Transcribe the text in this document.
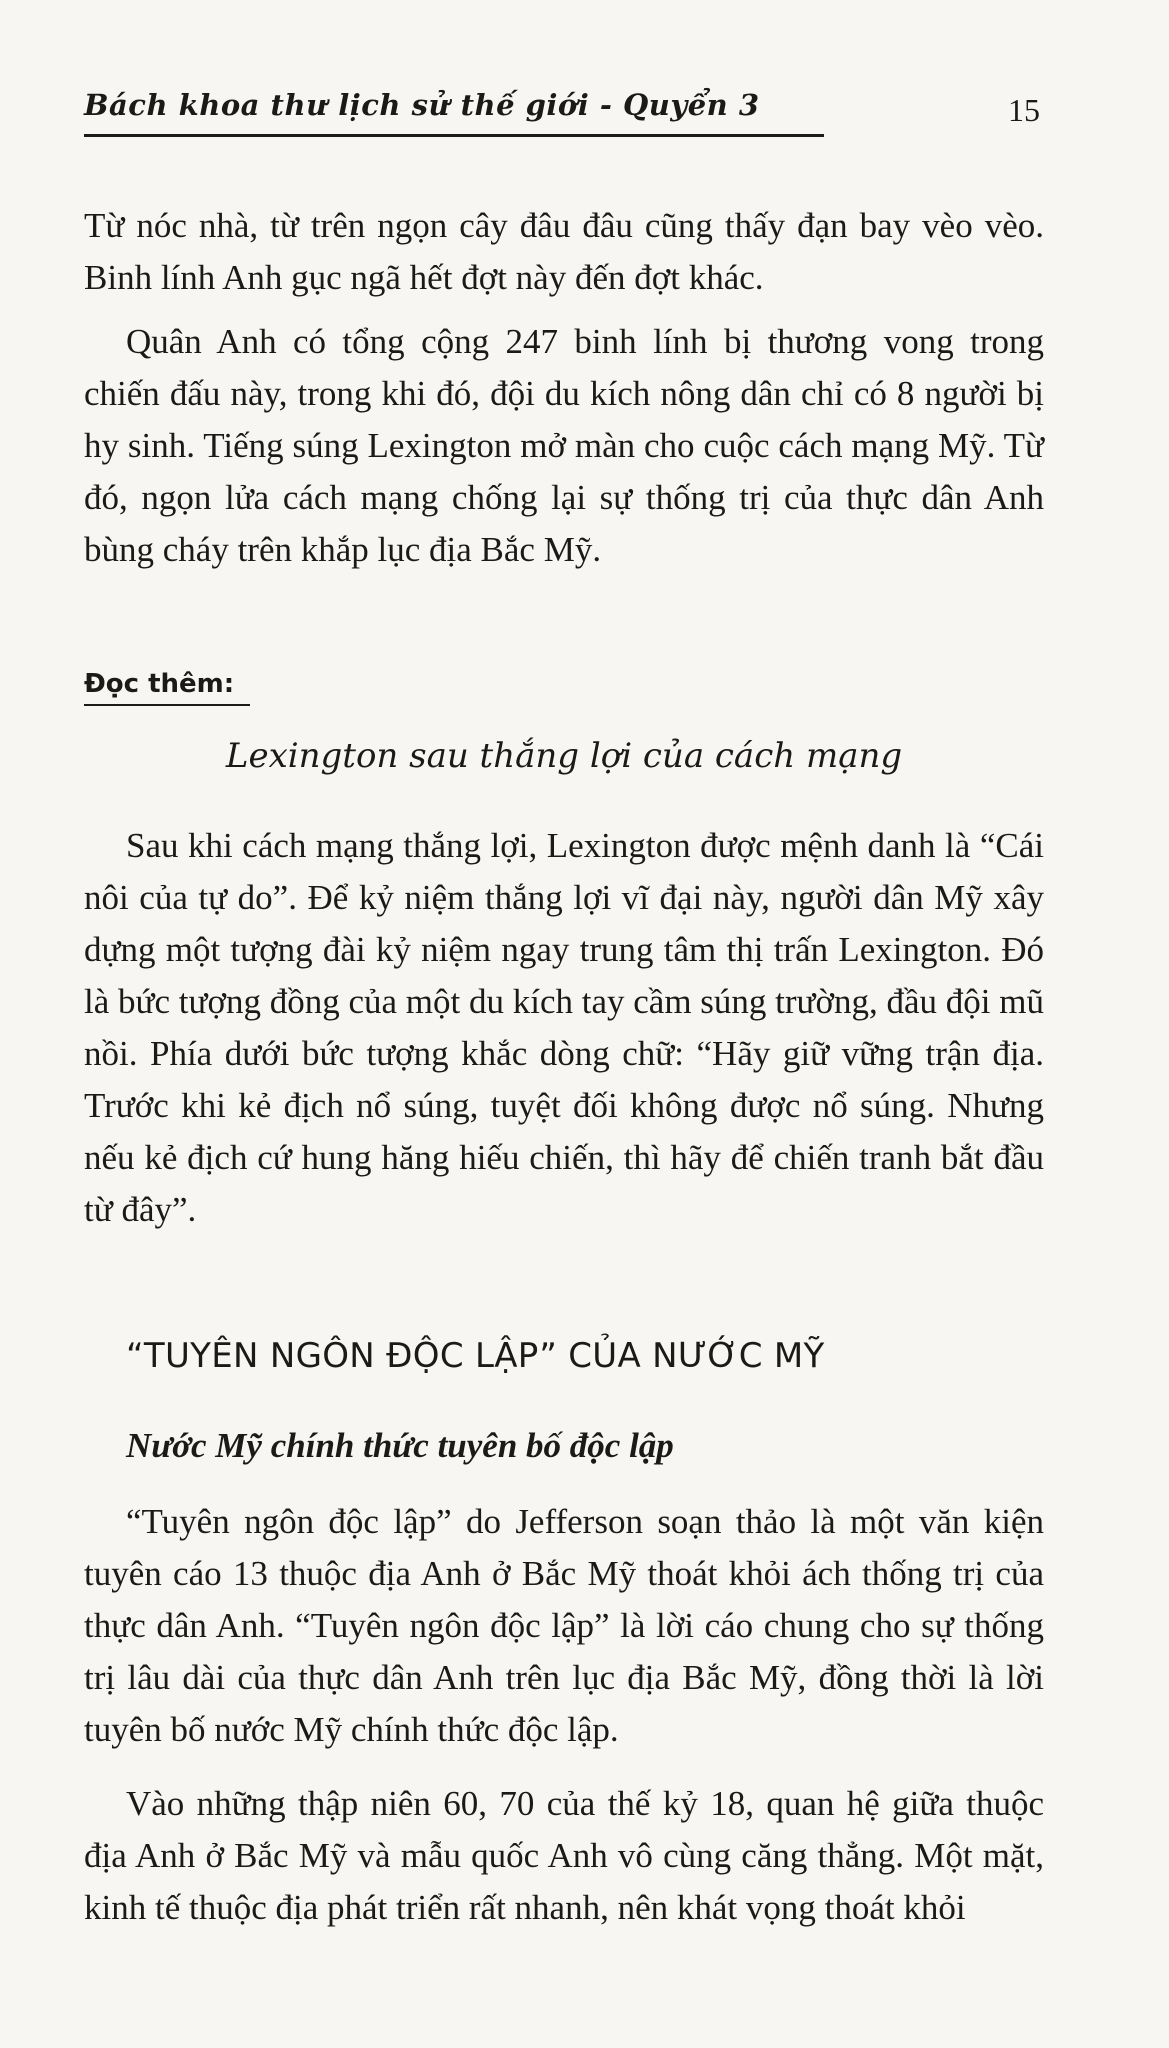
Bách khoa thư lịch sử thế giới - Quyển 3	15

Từ nóc nhà, từ trên ngọn cây đâu đâu cũng thấy đạn bay vèo vèo. Binh lính Anh gục ngã hết đợt này đến đợt khác.

Quân Anh có tổng cộng 247 binh lính bị thương vong trong chiến đấu này, trong khi đó, đội du kích nông dân chỉ có 8 người bị hy sinh. Tiếng súng Lexington mở màn cho cuộc cách mạng Mỹ. Từ đó, ngọn lửa cách mạng chống lại sự thống trị của thực dân Anh bùng cháy trên khắp lục địa Bắc Mỹ.

Đọc thêm:
Lexington sau thắng lợi của cách mạng

Sau khi cách mạng thắng lợi, Lexington được mệnh danh là “Cái nôi của tự do”. Để kỷ niệm thắng lợi vĩ đại này, người dân Mỹ xây dựng một tượng đài kỷ niệm ngay trung tâm thị trấn Lexington. Đó là bức tượng đồng của một du kích tay cầm súng trường, đầu đội mũ nồi. Phía dưới bức tượng khắc dòng chữ: “Hãy giữ vững trận địa. Trước khi kẻ địch nổ súng, tuyệt đối không được nổ súng. Nhưng nếu kẻ địch cứ hung hăng hiếu chiến, thì hãy để chiến tranh bắt đầu từ đây”.

“TUYÊN NGÔN ĐỘC LẬP” CỦA NƯỚC MỸ
Nước Mỹ chính thức tuyên bố độc lập

“Tuyên ngôn độc lập” do Jefferson soạn thảo là một văn kiện tuyên cáo 13 thuộc địa Anh ở Bắc Mỹ thoát khỏi ách thống trị của thực dân Anh. “Tuyên ngôn độc lập” là lời cáo chung cho sự thống trị lâu dài của thực dân Anh trên lục địa Bắc Mỹ, đồng thời là lời tuyên bố nước Mỹ chính thức độc lập.

Vào những thập niên 60, 70 của thế kỷ 18, quan hệ giữa thuộc địa Anh ở Bắc Mỹ và mẫu quốc Anh vô cùng căng thẳng. Một mặt, kinh tế thuộc địa phát triển rất nhanh, nên khát vọng thoát khỏi
